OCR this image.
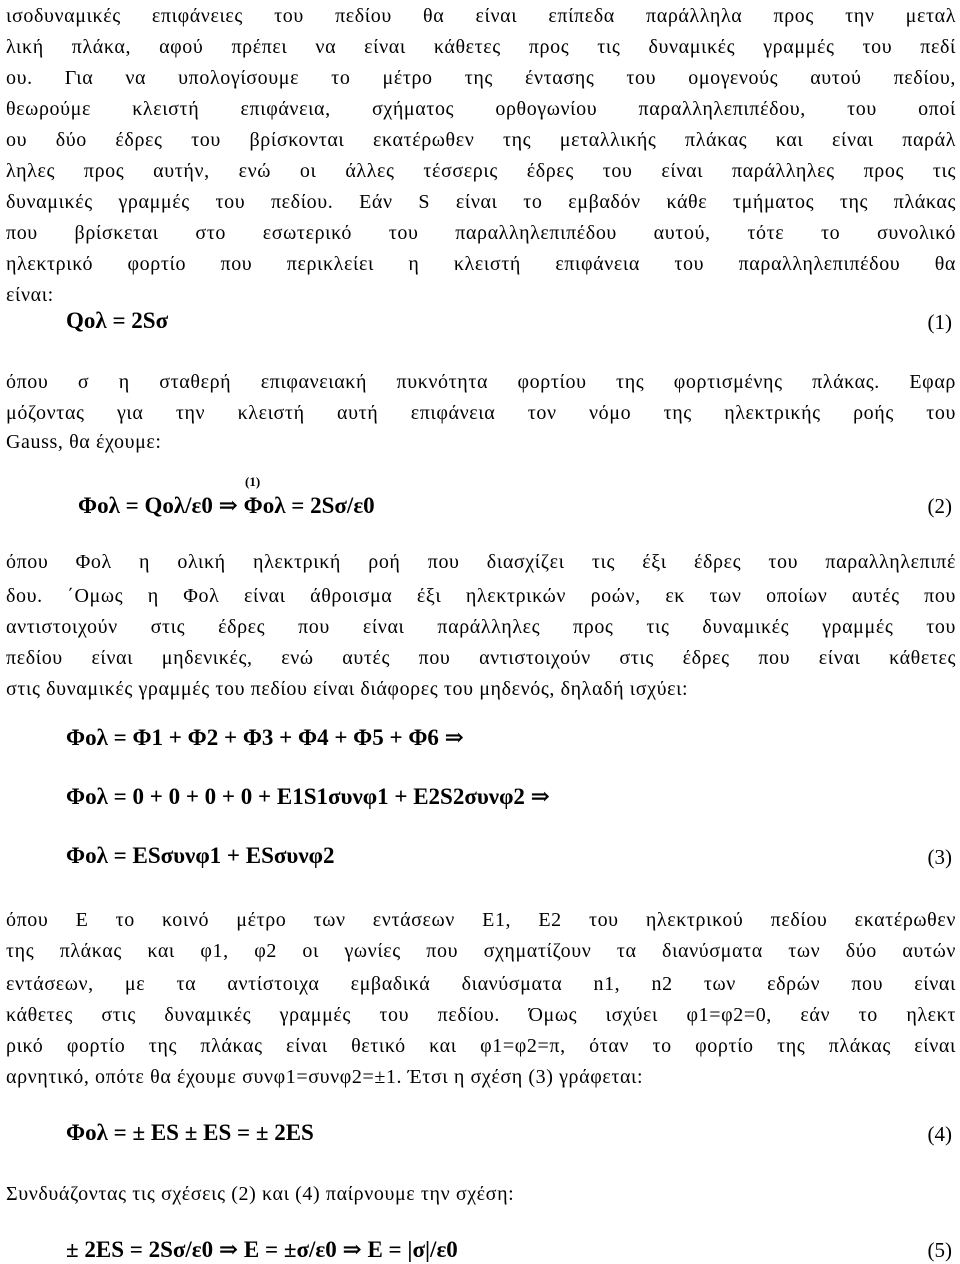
ισοδυναμικές επιφάνειες του πεδίου θα είναι επίπεδα παράλληλα προς την μεταλ
λική πλάκα, αφού πρέπει να είναι κάθετες προς τις δυναμικές γραμμές του πεδί
ου. Για να υπολογίσουμε το μέτρο της έντασης του ομογενούς αυτού πεδίου,
θεωρούμε κλειστή επιφάνεια, σχήματος ορθογωνίου παραλληλεπιπέδου, του οποί
ου δύο έδρες του βρίσκονται εκατέρωθεν της μεταλλικής πλάκας και είναι παράλ
ληλες προς αυτήν, ενώ οι άλλες τέσσερις έδρες του είναι παράλληλες προς τις
δυναμικές γραμμές του πεδίου. Εάν S είναι το εμβαδόν κάθε τμήματος της πλάκας
που βρίσκεται στο εσωτερικό του παραλληλεπιπέδου αυτού, τότε το συνολικό
ηλεκτρικό φορτίο που περικλείει η κλειστή επιφάνεια του παραλληλεπιπέδου θα
είναι:
Qολ = 2Sσ	(1)
όπου σ η σταθερή επιφανειακή πυκνότητα φορτίου της φορτισμένης πλάκας. Εφαρ
μόζοντας για την κλειστή αυτή επιφάνεια τον νόμο της ηλεκτρικής ροής του
Gauss, θα έχουμε:
(1)
Φολ = Qολ/ε0 ⇒ Φολ = 2Sσ/ε0	(2)
όπου Φολ η ολική ηλεκτρική ροή που διασχίζει τις έξι έδρες του παραλληλεπιπέ
δου. ΄Ομως η Φολ είναι άθροισμα έξι ηλεκτρικών ροών, εκ των οποίων αυτές που
αντιστοιχούν στις έδρες που είναι παράλληλες προς τις δυναμικές γραμμές του
πεδίου είναι μηδενικές, ενώ αυτές που αντιστοιχούν στις έδρες που είναι κάθετες
στις δυναμικές γραμμές του πεδίου είναι διάφορες του μηδενός, δηλαδή ισχύει:
Φολ = Φ1 + Φ2 + Φ3 + Φ4 + Φ5 + Φ6 ⇒
Φολ = 0 + 0 + 0 + 0 + E1S1συνφ1 + E2S2συνφ2 ⇒
Φολ = ESσυνφ1 + ESσυνφ2	(3)
όπου Ε το κοινό μέτρο των εντάσεων E1, E2 του ηλεκτρικού πεδίου εκατέρωθεν
της πλάκας και φ1, φ2 οι γωνίες που σχηματίζουν τα διανύσματα των δύο αυτών
εντάσεων, με τα αντίστοιχα εμβαδικά διανύσματα n1, n2 των εδρών που είναι
κάθετες στις δυναμικές γραμμές του πεδίου. Όμως ισχύει φ1=φ2=0, εάν το ηλεκτ
ρικό φορτίο της πλάκας είναι θετικό και φ1=φ2=π, όταν το φορτίο της πλάκας είναι
αρνητικό, οπότε θα έχουμε συνφ1=συνφ2=±1. Έτσι η σχέση (3) γράφεται:
Φολ = ± ES ± ES = ± 2ES	(4)
Συνδυάζοντας τις σχέσεις (2) και (4) παίρνουμε την σχέση:
± 2ES = 2Sσ/ε0 ⇒ E = ±σ/ε0 ⇒ E = |σ|/ε0	(5)
